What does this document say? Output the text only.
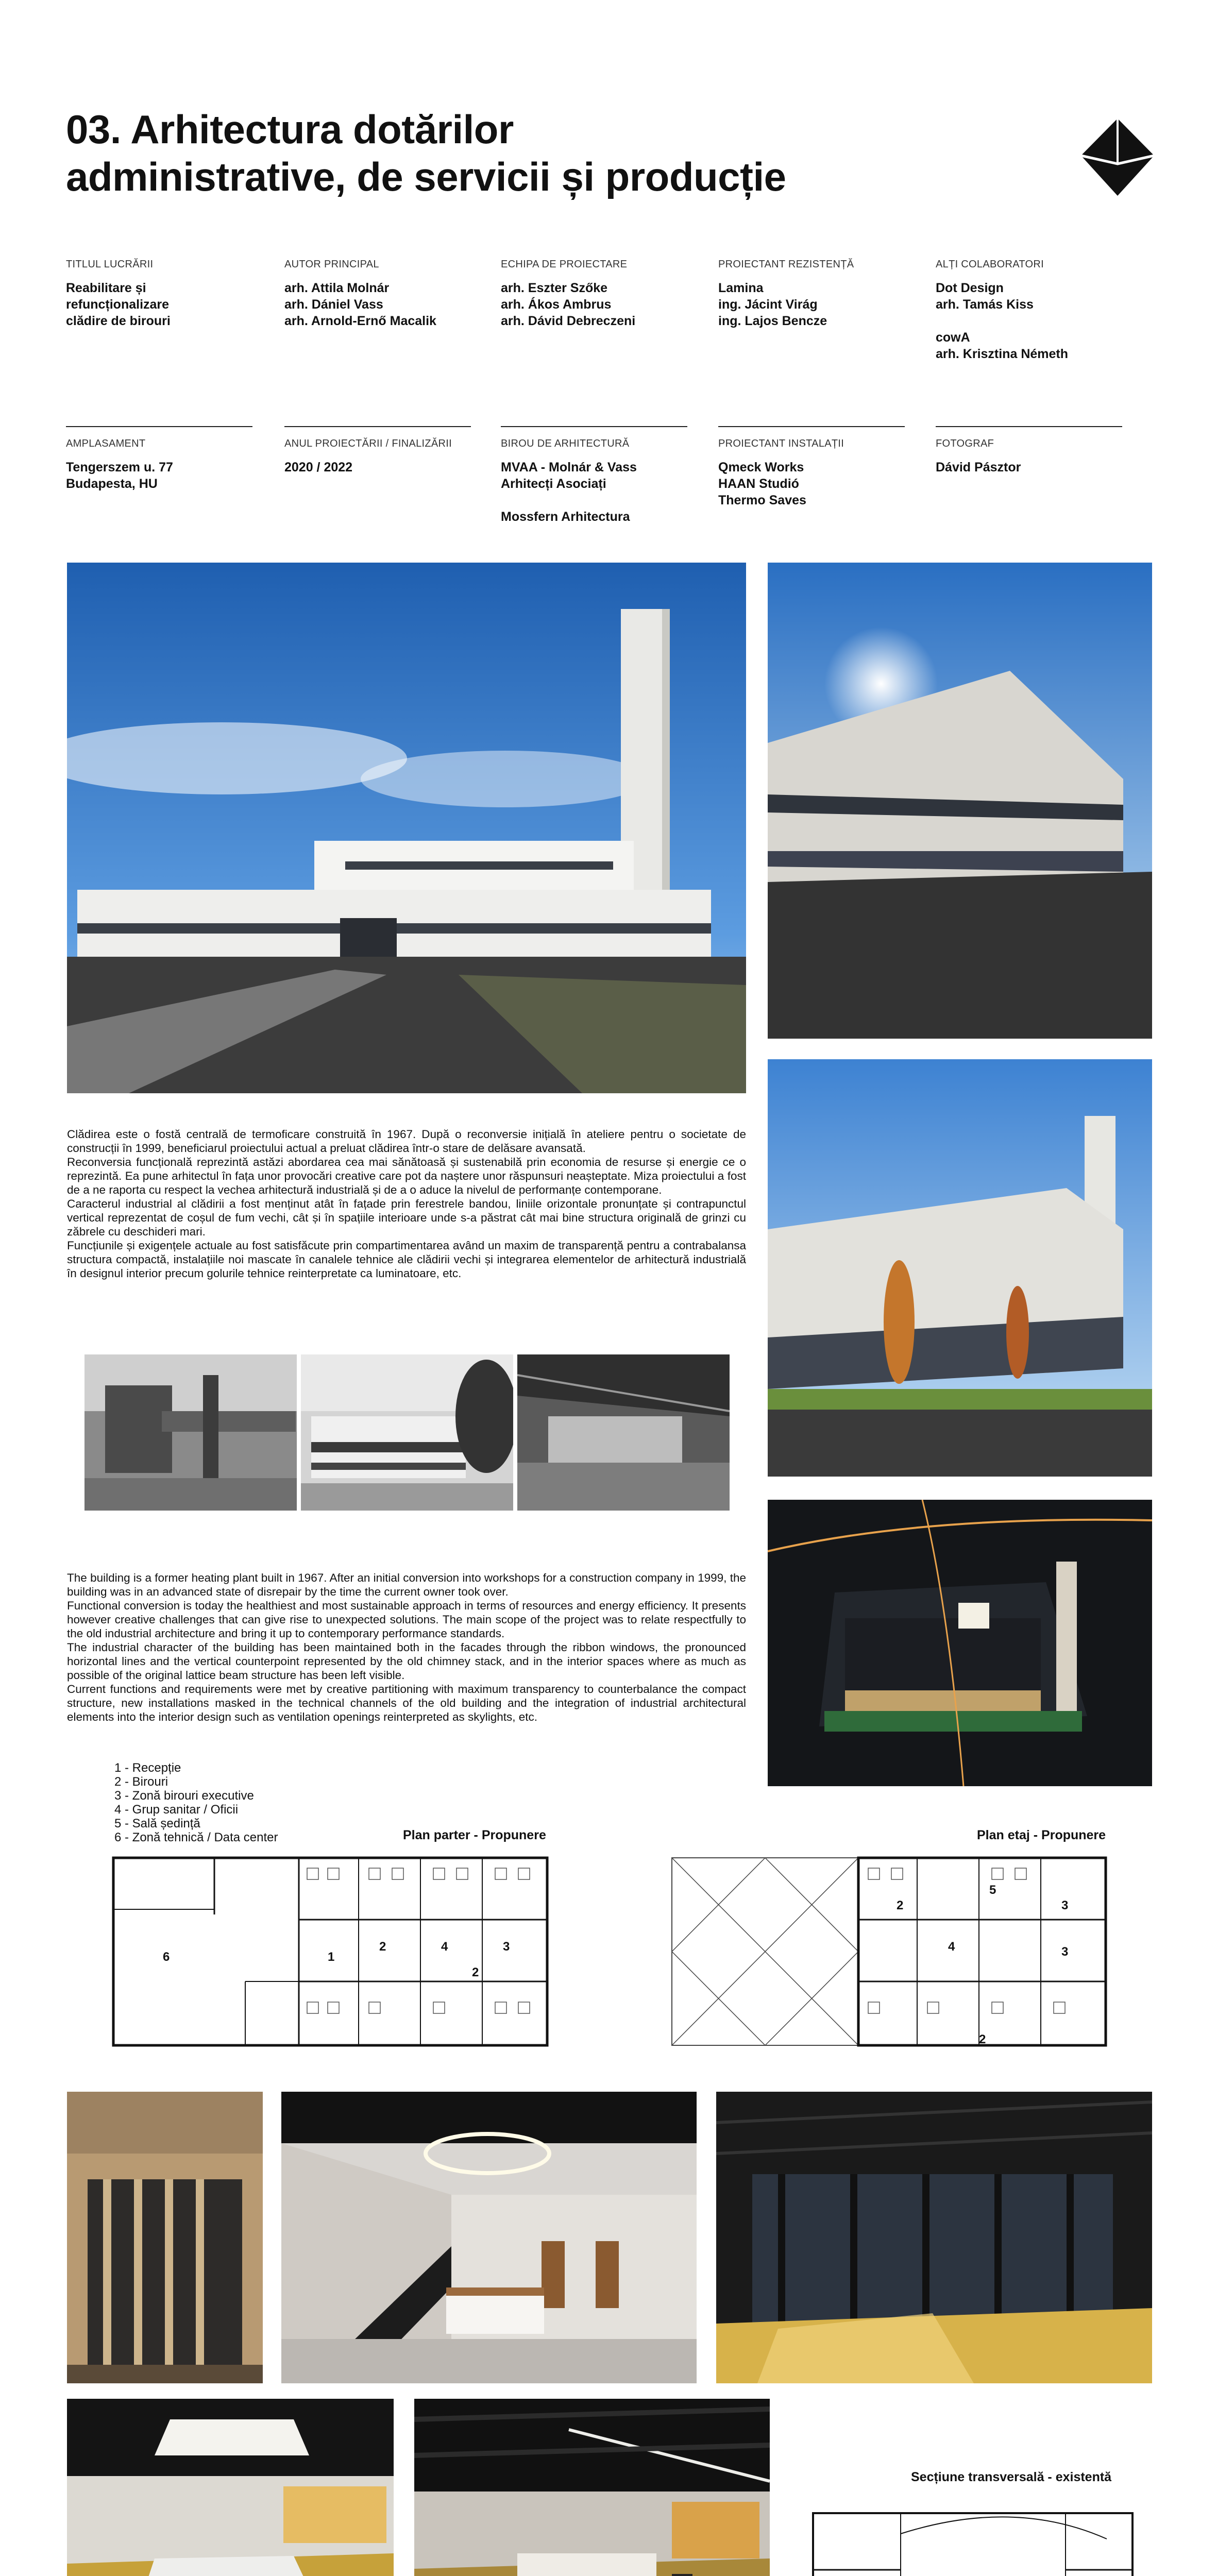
03. Arhitectura dotărilor
administrative, de servicii și producție
TITLUL LUCRĂRII
Reabilitare și refuncționalizare
clădire de birouri
AUTOR PRINCIPAL
arh. Attila Molnár
arh. Dániel Vass
arh. Arnold-Ernő Macalik
ECHIPA DE PROIECTARE
arh. Eszter Szőke
arh. Ákos Ambrus
arh. Dávid Debreczeni
PROIECTANT REZISTENȚĂ
Lamina
ing. Jácint Virág
ing. Lajos Bencze
ALȚI COLABORATORI
Dot Design
arh. Tamás Kiss
cowA
arh. Krisztina Németh
AMPLASAMENT
Tengerszem u. 77
Budapesta, HU
ANUL PROIECTĂRII / FINALIZĂRII
2020 / 2022
BIROU DE ARHITECTURĂ
MVAA - Molnár & Vass
Arhitecți Asociați
Mossfern Arhitectura
PROIECTANT INSTALAȚII
Qmeck Works
HAAN Studió
Thermo Saves
FOTOGRAF
Dávid Pásztor

Clădirea este o fostă centrală de termoficare construită în 1967. După o reconversie inițială în ateliere pentru o societate de construcții în 1999, beneficiarul proiectului actual a preluat clădirea într-o stare de delăsare avansată.

Reconversia funcțională reprezintă astăzi abordarea cea mai sănătoasă și sustenabilă prin economia de resurse și energie ce o reprezintă. Ea pune arhitectul în fața unor provocări creative care pot da naștere unor răspunsuri neașteptate. Miza proiectului a fost de a ne raporta cu respect la vechea arhitectură industrială și de a o aduce la nivelul de performanțe contemporane.

Caracterul industrial al clădirii a fost menținut atât în fațade prin ferestrele bandou, liniile orizontale pronunțate și contrapunctul vertical reprezentat de coșul de fum vechi, cât și în spațiile interioare unde s-a păstrat cât mai bine structura originală de grinzi cu zăbrele cu deschideri mari.

Funcțiunile și exigențele actuale au fost satisfăcute prin compartimentarea având un maxim de transparență pentru a contrabalansa structura compactă, instalațiile noi mascate în canalele tehnice ale clădirii vechi și integrarea elementelor de arhitectură industrială în designul interior precum golurile tehnice reinterpretate ca luminatoare, etc.

The building is a former heating plant built in 1967. After an initial conversion into workshops for a construction company in 1999, the building was in an advanced state of disrepair by the time the current owner took over.

Functional conversion is today the healthiest and most sustainable approach in terms of resources and energy efficiency. It presents however creative challenges that can give rise to unexpected solutions. The main scope of the project was to relate respectfully to the old industrial architecture and bring it up to contemporary performance standards.

The industrial character of the building has been maintained both in the facades through the ribbon windows, the pronounced horizontal lines and the vertical counterpoint represented by the old chimney stack, and in the interior spaces where as much as possible of the original lattice beam structure has been left visible.

Current functions and requirements were met by creative partitioning with maximum transparency to counterbalance the compact structure, new installations masked in the technical channels of the old building and the integration of industrial architectural elements into the interior design such as ventilation openings reinterpreted as skylights, etc.

1 - Recepție
2 - Birouri
3 - Zonă birouri executive
4 - Grup sanitar / Oficii
5 - Sală ședință
6 - Zonă tehnică / Data center	Plan parter - Propunere	Plan etaj - Propunere
6	1
2	3
4
2
5
2
4
3
3
2
Secțiune transversală - existentă
